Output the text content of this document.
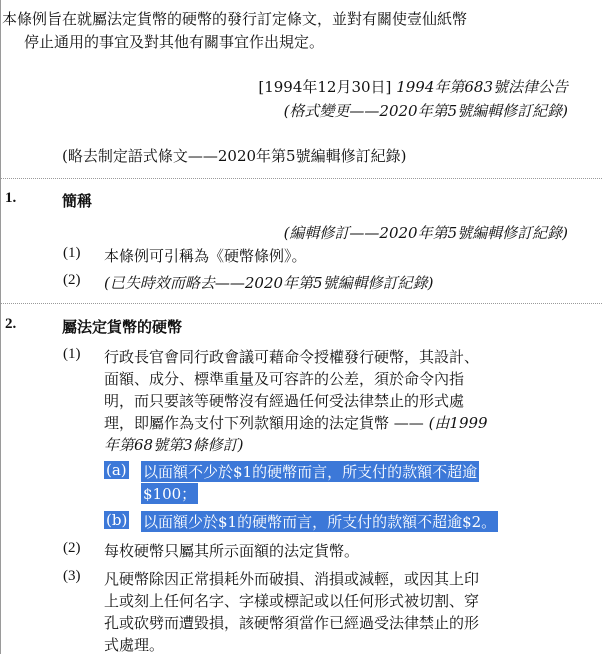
本條例旨在就屬法定貨幣的硬幣的發行訂定條文，並對有關使壹仙紙幣
停止通用的事宜及對其他有關事宜作出規定。
[1994年12月30日] 1994年第683號法律公告
(格式變更——2020年第5號編輯修訂紀錄)
(略去制定語式條文——2020年第5號編輯修訂紀錄)
1.	簡稱
(編輯修訂——2020年第5號編輯修訂紀錄)
(1) 本條例可引稱為《硬幣條例》。
(2) (已失時效而略去——2020年第5號編輯修訂紀錄)
2.	屬法定貨幣的硬幣
(1) 行政長官會同行政會議可藉命令授權發行硬幣，其設計、
面額、成分、標準重量及可容許的公差，須於命令內指
明，而只要該等硬幣沒有經過任何受法律禁止的形式處
理，即屬作為支付下列款額用途的法定貨幣 —— (由1999
年第68號第3條修訂)
(a) 以面額不少於$1的硬幣而言，所支付的款額不超逾
$100；
(b) 以面額少於$1的硬幣而言，所支付的款額不超逾$2。
(2) 每枚硬幣只屬其所示面額的法定貨幣。
(3) 凡硬幣除因正常損耗外而破損、消損或減輕，或因其上印
上或刻上任何名字、字樣或標記或以任何形式被切割、穿
孔或砍劈而遭毀損，該硬幣須當作已經過受法律禁止的形
式處理。
